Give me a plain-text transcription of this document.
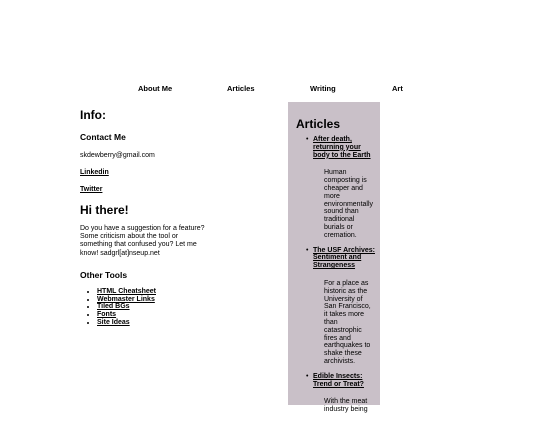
About Me	Articles	Writing	Art
Info:
Contact Me
skdewberry@gmail.com
Linkedin
Twitter
Hi there!
Do you have a suggestion for a feature? Some criticism about the tool or something that confused you? Let me know! sadgrl[at]nseup.net
Other Tools
• HTML Cheatsheet
• Webmaster Links
• Tiled BGs
• Fonts
• Site Ideas
Articles
• After death, returning your body to the Earth
Human composting is cheaper and more environmentally sound than traditional burials or cremation.
• The USF Archives: Sentiment and Strangeness
For a place as historic as the University of San Francisco, it takes more than catastrophic fires and earthquakes to shake these archivists.
• Edible Insects: Trend or Treat?
With the meat industry being
